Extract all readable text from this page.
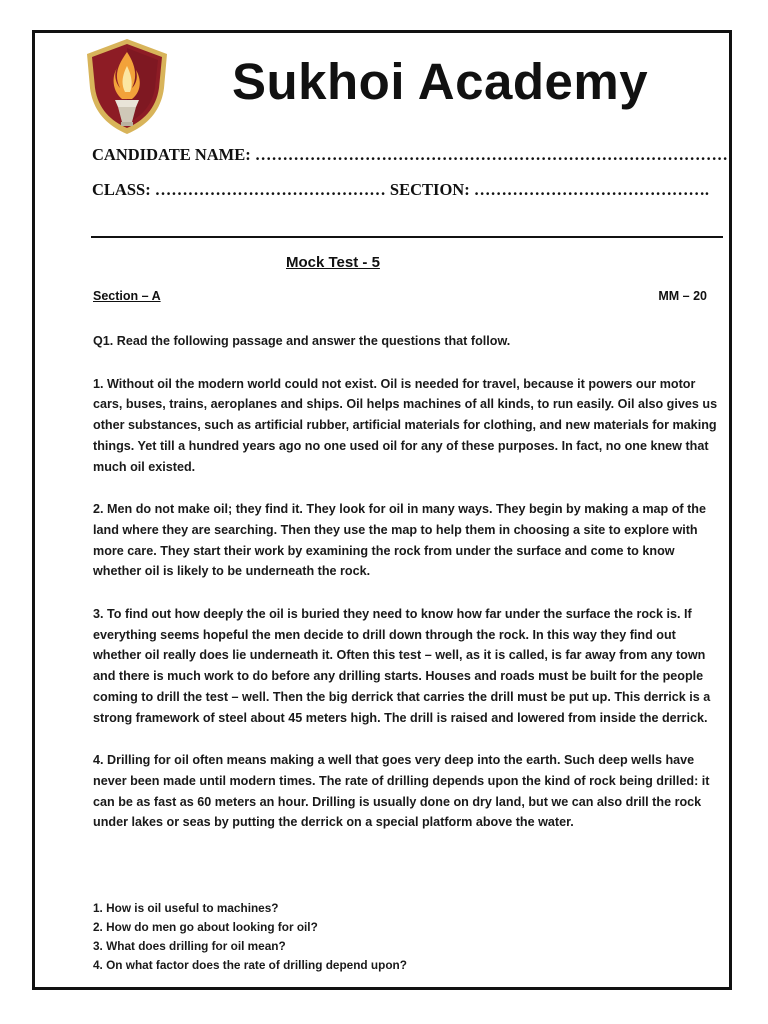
Sukhoi Academy
CANDIDATE NAME: ……………………………………………………………………………
CLASS: …………………………………… SECTION: …………………………………….
Mock Test - 5
Section – A	MM – 20

Q1. Read the following passage and answer the questions that follow.

1. Without oil the modern world could not exist. Oil is needed for travel, because it powers our motor cars, buses, trains, aeroplanes and ships. Oil helps machines of all kinds, to run easily. Oil also gives us other substances, such as artificial rubber, artificial materials for clothing, and new materials for making things. Yet till a hundred years ago no one used oil for any of these purposes. In fact, no one knew that much oil existed.

2. Men do not make oil; they find it. They look for oil in many ways. They begin by making a map of the land where they are searching. Then they use the map to help them in choosing a site to explore with more care. They start their work by examining the rock from under the surface and come to know whether oil is likely to be underneath the rock.

3. To find out how deeply the oil is buried they need to know how far under the surface the rock is. If everything seems hopeful the men decide to drill down through the rock. In this way they find out whether oil really does lie underneath it. Often this test – well, as it is called, is far away from any town and there is much work to do before any drilling starts. Houses and roads must be built for the people coming to drill the test – well. Then the big derrick that carries the drill must be put up. This derrick is a strong framework of steel about 45 meters high. The drill is raised and lowered from inside the derrick.

4. Drilling for oil often means making a well that goes very deep into the earth. Such deep wells have never been made until modern times. The rate of drilling depends upon the kind of rock being drilled: it can be as fast as 60 meters an hour. Drilling is usually done on dry land, but we can also drill the rock under lakes or seas by putting the derrick on a special platform above the water.

1. How is oil useful to machines?
2. How do men go about looking for oil?
3. What does drilling for oil mean?
4. On what factor does the rate of drilling depend upon?
